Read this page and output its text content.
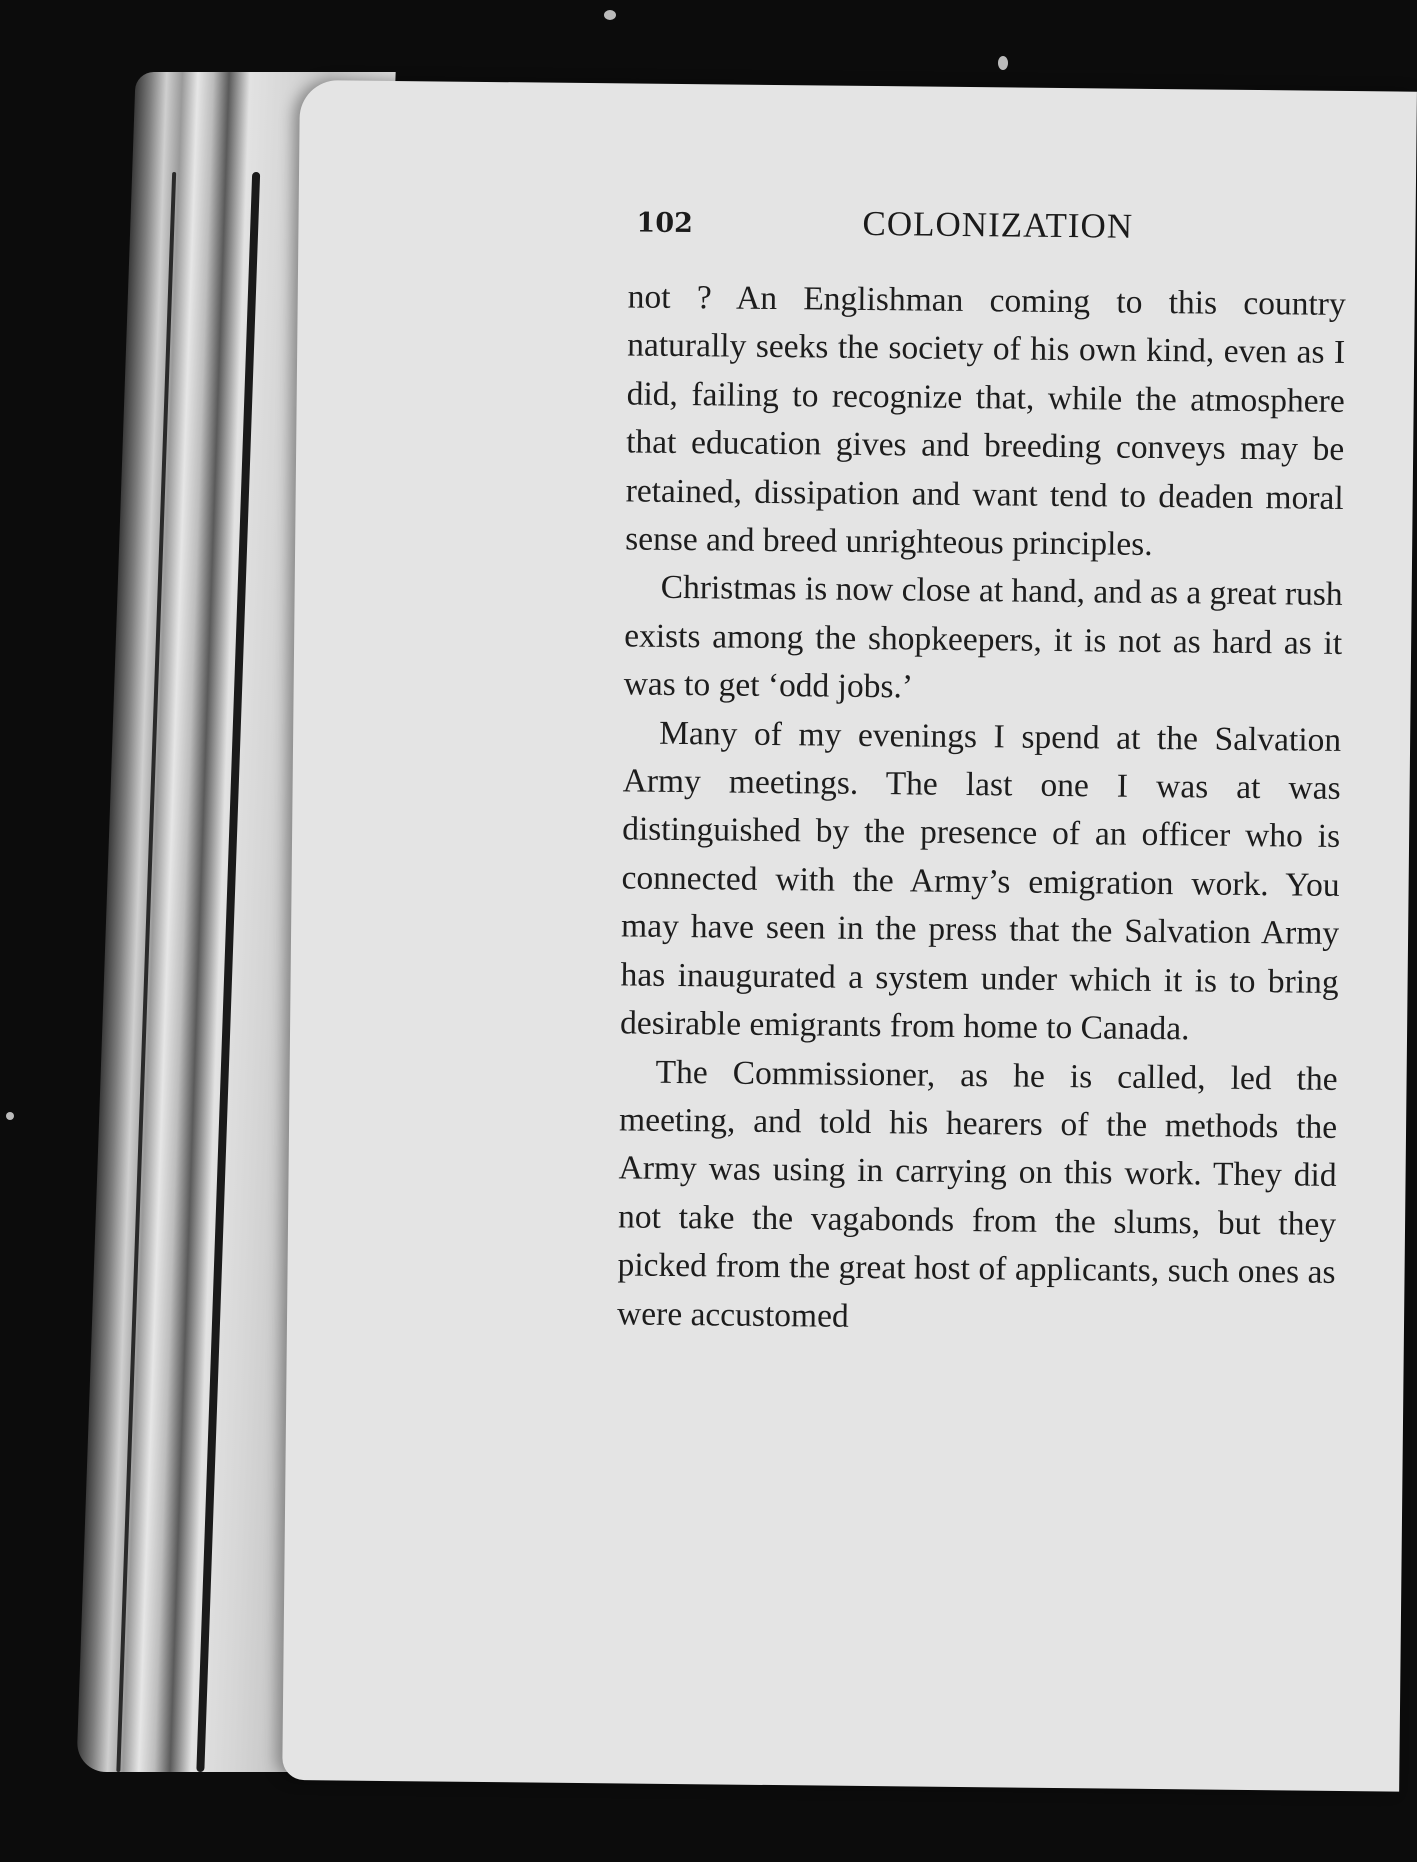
102	COLONIZATION

not ? An Englishman coming to this country naturally seeks the society of his own kind, even as I did, failing to recognize that, while the atmosphere that education gives and breeding conveys may be retained, dissipation and want tend to deaden moral sense and breed unrighteous principles.

Christmas is now close at hand, and as a great rush exists among the shopkeepers, it is not as hard as it was to get ‘odd jobs.’

Many of my evenings I spend at the Salvation Army meetings. The last one I was at was distinguished by the presence of an officer who is connected with the Army’s emigration work. You may have seen in the press that the Salvation Army has inaugurated a system under which it is to bring desirable emigrants from home to Canada.

The Commissioner, as he is called, led the meeting, and told his hearers of the methods the Army was using in carrying on this work. They did not take the vagabonds from the slums, but they picked from the great host of applicants, such ones as were accustomed
